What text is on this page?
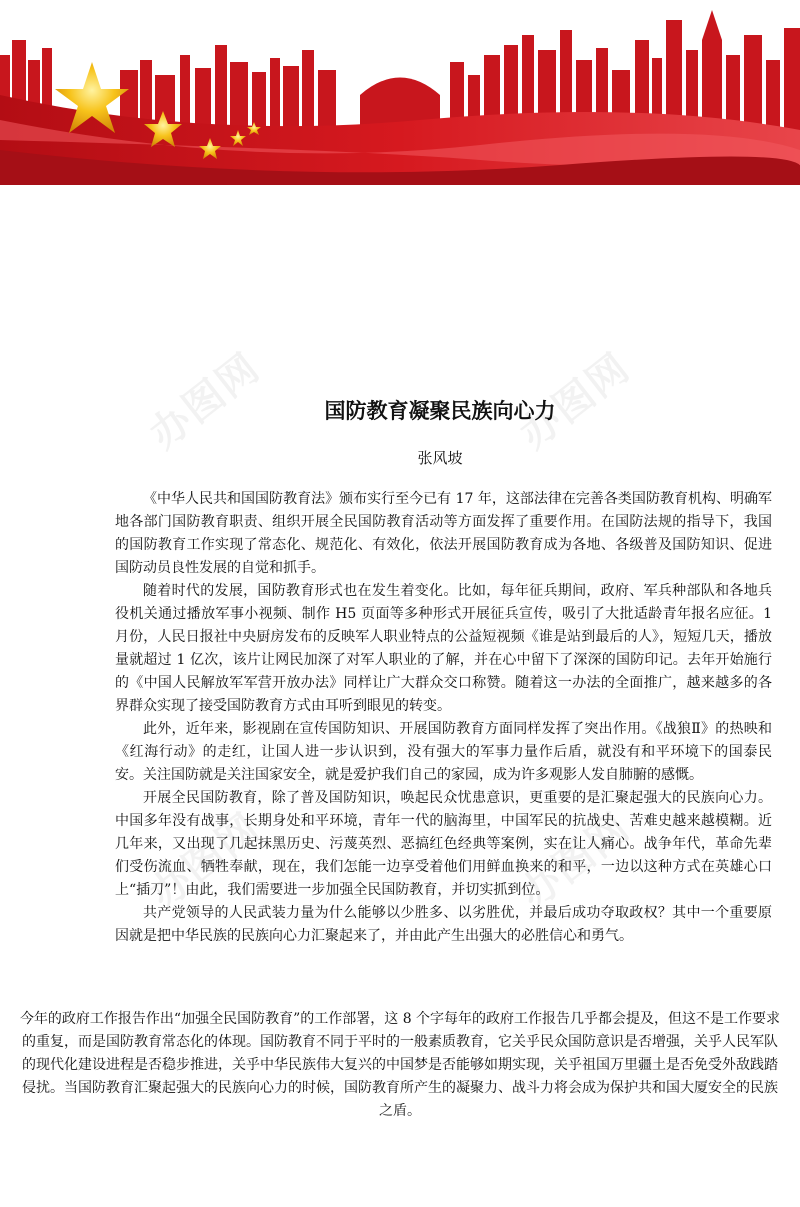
办图网	办图网
办图网	办图网
国防教育凝聚民族向心力
张风坡

《中华人民共和国国防教育法》颁布实行至今已有 17 年，这部法律在完善各类国防教育机构、明确军地各部门国防教育职责、组织开展全民国防教育活动等方面发挥了重要作用。在国防法规的指导下，我国的国防教育工作实现了常态化、规范化、有效化，依法开展国防教育成为各地、各级普及国防知识、促进国防动员良性发展的自觉和抓手。

随着时代的发展，国防教育形式也在发生着变化。比如，每年征兵期间，政府、军兵种部队和各地兵役机关通过播放军事小视频、制作 H5 页面等多种形式开展征兵宣传，吸引了大批适龄青年报名应征。1 月份，人民日报社中央厨房发布的反映军人职业特点的公益短视频《谁是站到最后的人》，短短几天，播放量就超过 1 亿次，该片让网民加深了对军人职业的了解，并在心中留下了深深的国防印记。去年开始施行的《中国人民解放军军营开放办法》同样让广大群众交口称赞。随着这一办法的全面推广，越来越多的各界群众实现了接受国防教育方式由耳听到眼见的转变。

此外，近年来，影视剧在宣传国防知识、开展国防教育方面同样发挥了突出作用。《战狼Ⅱ》的热映和《红海行动》的走红，让国人进一步认识到，没有强大的军事力量作后盾，就没有和平环境下的国泰民安。关注国防就是关注国家安全，就是爱护我们自己的家园，成为许多观影人发自肺腑的感慨。

开展全民国防教育，除了普及国防知识，唤起民众忧患意识，更重要的是汇聚起强大的民族向心力。中国多年没有战事，长期身处和平环境，青年一代的脑海里，中国军民的抗战史、苦难史越来越模糊。近几年来，又出现了几起抹黑历史、污蔑英烈、恶搞红色经典等案例，实在让人痛心。战争年代，革命先辈们受伤流血、牺牲奉献，现在，我们怎能一边享受着他们用鲜血换来的和平，一边以这种方式在英雄心口上“插刀”！由此，我们需要进一步加强全民国防教育，并切实抓到位。

共产党领导的人民武装力量为什么能够以少胜多、以劣胜优，并最后成功夺取政权？其中一个重要原因就是把中华民族的民族向心力汇聚起来了，并由此产生出强大的必胜信心和勇气。

今年的政府工作报告作出“加强全民国防教育”的工作部署，这 8 个字每年的政府工作报告几乎都会提及，但这不是工作要求的重复，而是国防教育常态化的体现。国防教育不同于平时的一般素质教育，它关乎民众国防意识是否增强，关乎人民军队的现代化建设进程是否稳步推进，关乎中华民族伟大复兴的中国梦是否能够如期实现，关乎祖国万里疆土是否免受外敌践踏侵扰。当国防教育汇聚起强大的民族向心力的时候，国防教育所产生的凝聚力、战斗力将会成为保护共和国大厦安全的民族之盾。
